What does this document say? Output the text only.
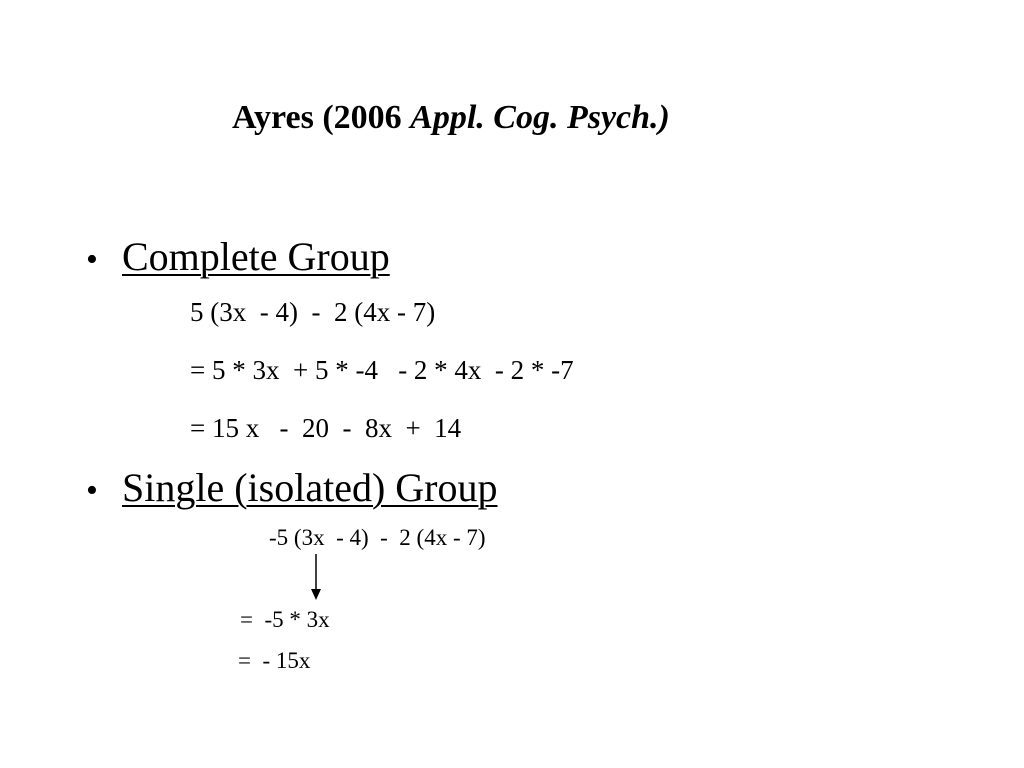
Ayres (2006 Appl. Cog. Psych.)
• Complete Group
5 (3x  - 4)  -  2 (4x - 7)
= 5 * 3x  + 5 * -4   - 2 * 4x  - 2 * -7
= 15 x   -  20  -  8x  +  14
• Single (isolated) Group
-5 (3x  - 4)  -  2 (4x - 7)
=  -5 * 3x
=  - 15x
